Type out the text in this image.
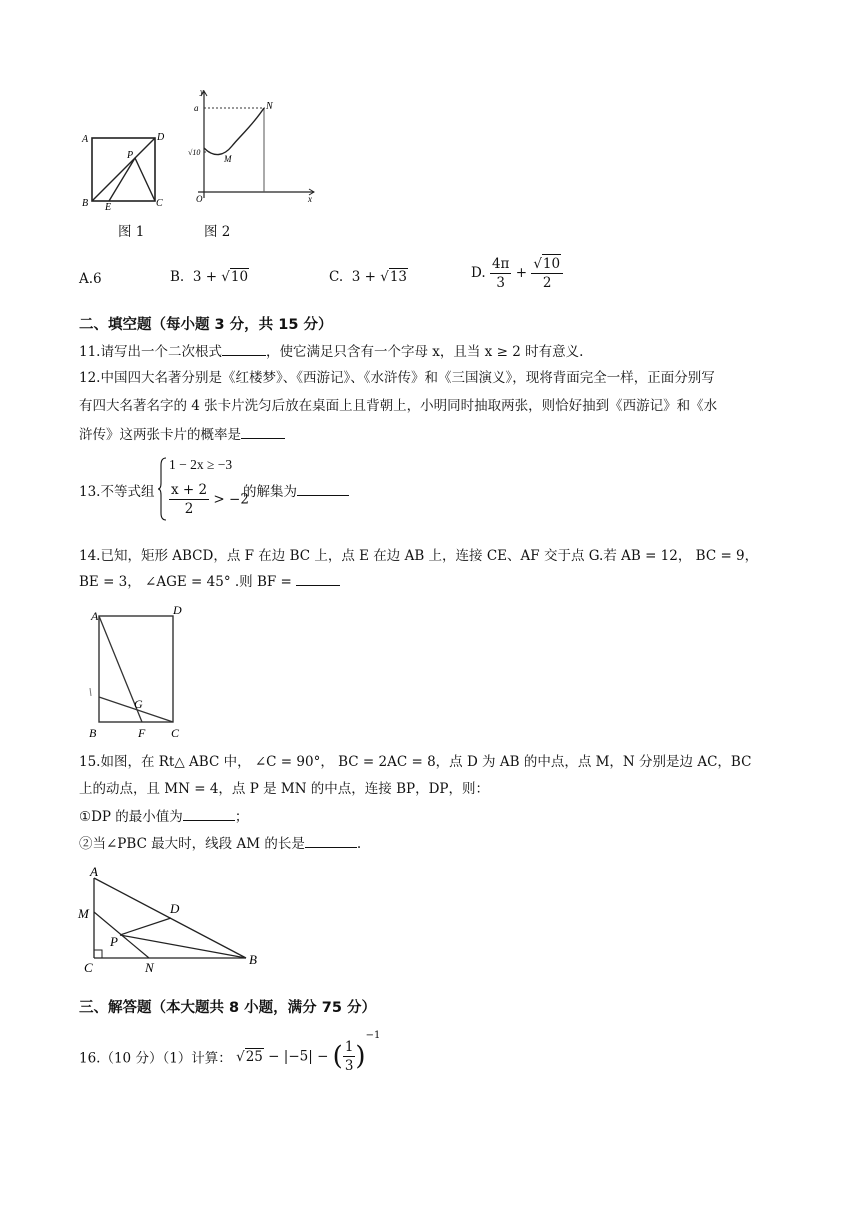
A	D
P
B E	C
图 1
y
a	N
√10
M
O	x
图 2
A.6	B. 3 + √10	C. 3 + √13	D. $\frac{4\pi}{3} + \frac{√10}{2}$
二、填空题（每小题 3 分，共 15 分）
11.请写出一个二次根式	，使它满足只含有一个字母 x，且当 x ≥ 2 时有意义.
12.中国四大名著分别是《红楼梦》、《西游记》、《水浒传》和《三国演义》，现将背面完全一样，正面分别写
有四大名著名字的 4 张卡片洗匀后放在桌面上且背朝上，小明同时抽取两张，则恰好抽到《西游记》和《水
浒传》这两张卡片的概率是
13.不等式组
1 − 2x ≥ −3
$\frac{x + 2}{2} > -2$
的解集为
14.已知，矩形 ABCD，点 F 在边 BC 上，点 E 在边 AB 上，连接 CE、AF 交于点 G.若 AB = 12， BC = 9，
BE = 3， ∠AGE = 45° .则 BF =
A	D
G
B	F C
15.如图，在 Rt△ ABC 中， ∠C = 90°， BC = 2AC = 8，点 D 为 AB 的中点，点 M，N 分别是边 AC，BC
上的动点，且 MN = 4，点 P 是 MN 的中点，连接 BP，DP，则：
①DP 的最小值为	；
②当∠PBC 最大时，线段 AM 的长是	.
A
M	D
P
C	N
B
三、解答题（本大题共 8 小题，满分 75 分）
16.（10 分）（1）计算： √25 − |−5| − ( $\frac{1}{3} )^{-1}$
